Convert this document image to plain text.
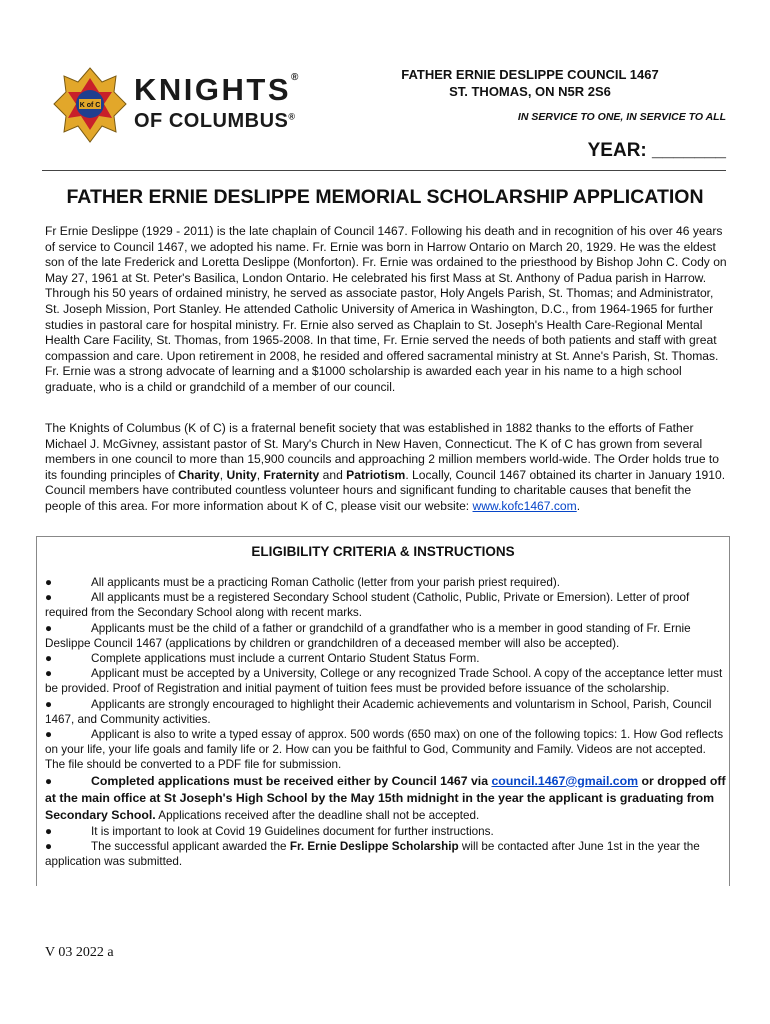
K of C KNIGHTS®
OF COLUMBUS®
FATHER ERNIE DESLIPPE COUNCIL 1467
ST. THOMAS, ON N5R 2S6
IN SERVICE TO ONE, IN SERVICE TO ALL
YEAR: _______
FATHER ERNIE DESLIPPE MEMORIAL SCHOLARSHIP APPLICATION

Fr Ernie Deslippe (1929 - 2011) is the late chaplain of Council 1467. Following his death and in recognition of his over 46 years of service to Council 1467, we adopted his name. Fr. Ernie was born in Harrow Ontario on March 20, 1929. He was the eldest son of the late Frederick and Loretta Deslippe (Monforton). Fr. Ernie was ordained to the priesthood by Bishop John C. Cody on May 27, 1961 at St. Peter's Basilica, London Ontario. He celebrated his first Mass at St. Anthony of Padua parish in Harrow. Through his 50 years of ordained ministry, he served as associate pastor, Holy Angels Parish, St. Thomas; and Administrator, St. Joseph Mission, Port Stanley. He attended Catholic University of America in Washington, D.C., from 1964-1965 for further studies in pastoral care for hospital ministry. Fr. Ernie also served as Chaplain to St. Joseph's Health Care-Regional Mental Health Care Facility, St. Thomas, from 1965-2008. In that time, Fr. Ernie served the needs of both patients and staff with great compassion and care. Upon retirement in 2008, he resided and offered sacramental ministry at St. Anne's Parish, St. Thomas. Fr. Ernie was a strong advocate of learning and a $1000 scholarship is awarded each year in his name to a high school graduate, who is a child or grandchild of a member of our council.

The Knights of Columbus (K of C) is a fraternal benefit society that was established in 1882 thanks to the efforts of Father Michael J. McGivney, assistant pastor of St. Mary's Church in New Haven, Connecticut. The K of C has grown from several members in one council to more than 15,900 councils and approaching 2 million members world-wide. The Order holds true to its founding principles of Charity, Unity, Fraternity and Patriotism. Locally, Council 1467 obtained its charter in January 1910. Council members have contributed countless volunteer hours and significant funding to charitable causes that benefit the people of this area. For more information about K of C, please visit our website: www.kofc1467.com.

ELIGIBILITY CRITERIA & INSTRUCTIONS

●	All applicants must be a practicing Roman Catholic (letter from your parish priest required).

●	All applicants must be a registered Secondary School student (Catholic, Public, Private or Emersion). Letter of proof required from the Secondary School along with recent marks.

●	Applicants must be the child of a father or grandchild of a grandfather who is a member in good standing of Fr. Ernie Deslippe Council 1467 (applications by children or grandchildren of a deceased member will also be accepted).

●	Complete applications must include a current Ontario Student Status Form.

●	Applicant must be accepted by a University, College or any recognized Trade School. A copy of the acceptance letter must be provided. Proof of Registration and initial payment of tuition fees must be provided before issuance of the scholarship.

●	Applicants are strongly encouraged to highlight their Academic achievements and voluntarism in School, Parish, Council 1467, and Community activities.

●	Applicant is also to write a typed essay of approx. 500 words (650 max) on one of the following topics: 1. How God reflects on your life, your life goals and family life or 2. How can you be faithful to God, Community and Family. Videos are not accepted. The file should be converted to a PDF file for submission.

●	Completed applications must be received either by Council 1467 via council.1467@gmail.com or dropped off at the main office at St Joseph's High School by the May 15th midnight in the year the applicant is graduating from Secondary School. Applications received after the deadline shall not be accepted.

●	It is important to look at Covid 19 Guidelines document for further instructions.

●	The successful applicant awarded the Fr. Ernie Deslippe Scholarship will be contacted after June 1st in the year the application was submitted.

V 03 2022 a
